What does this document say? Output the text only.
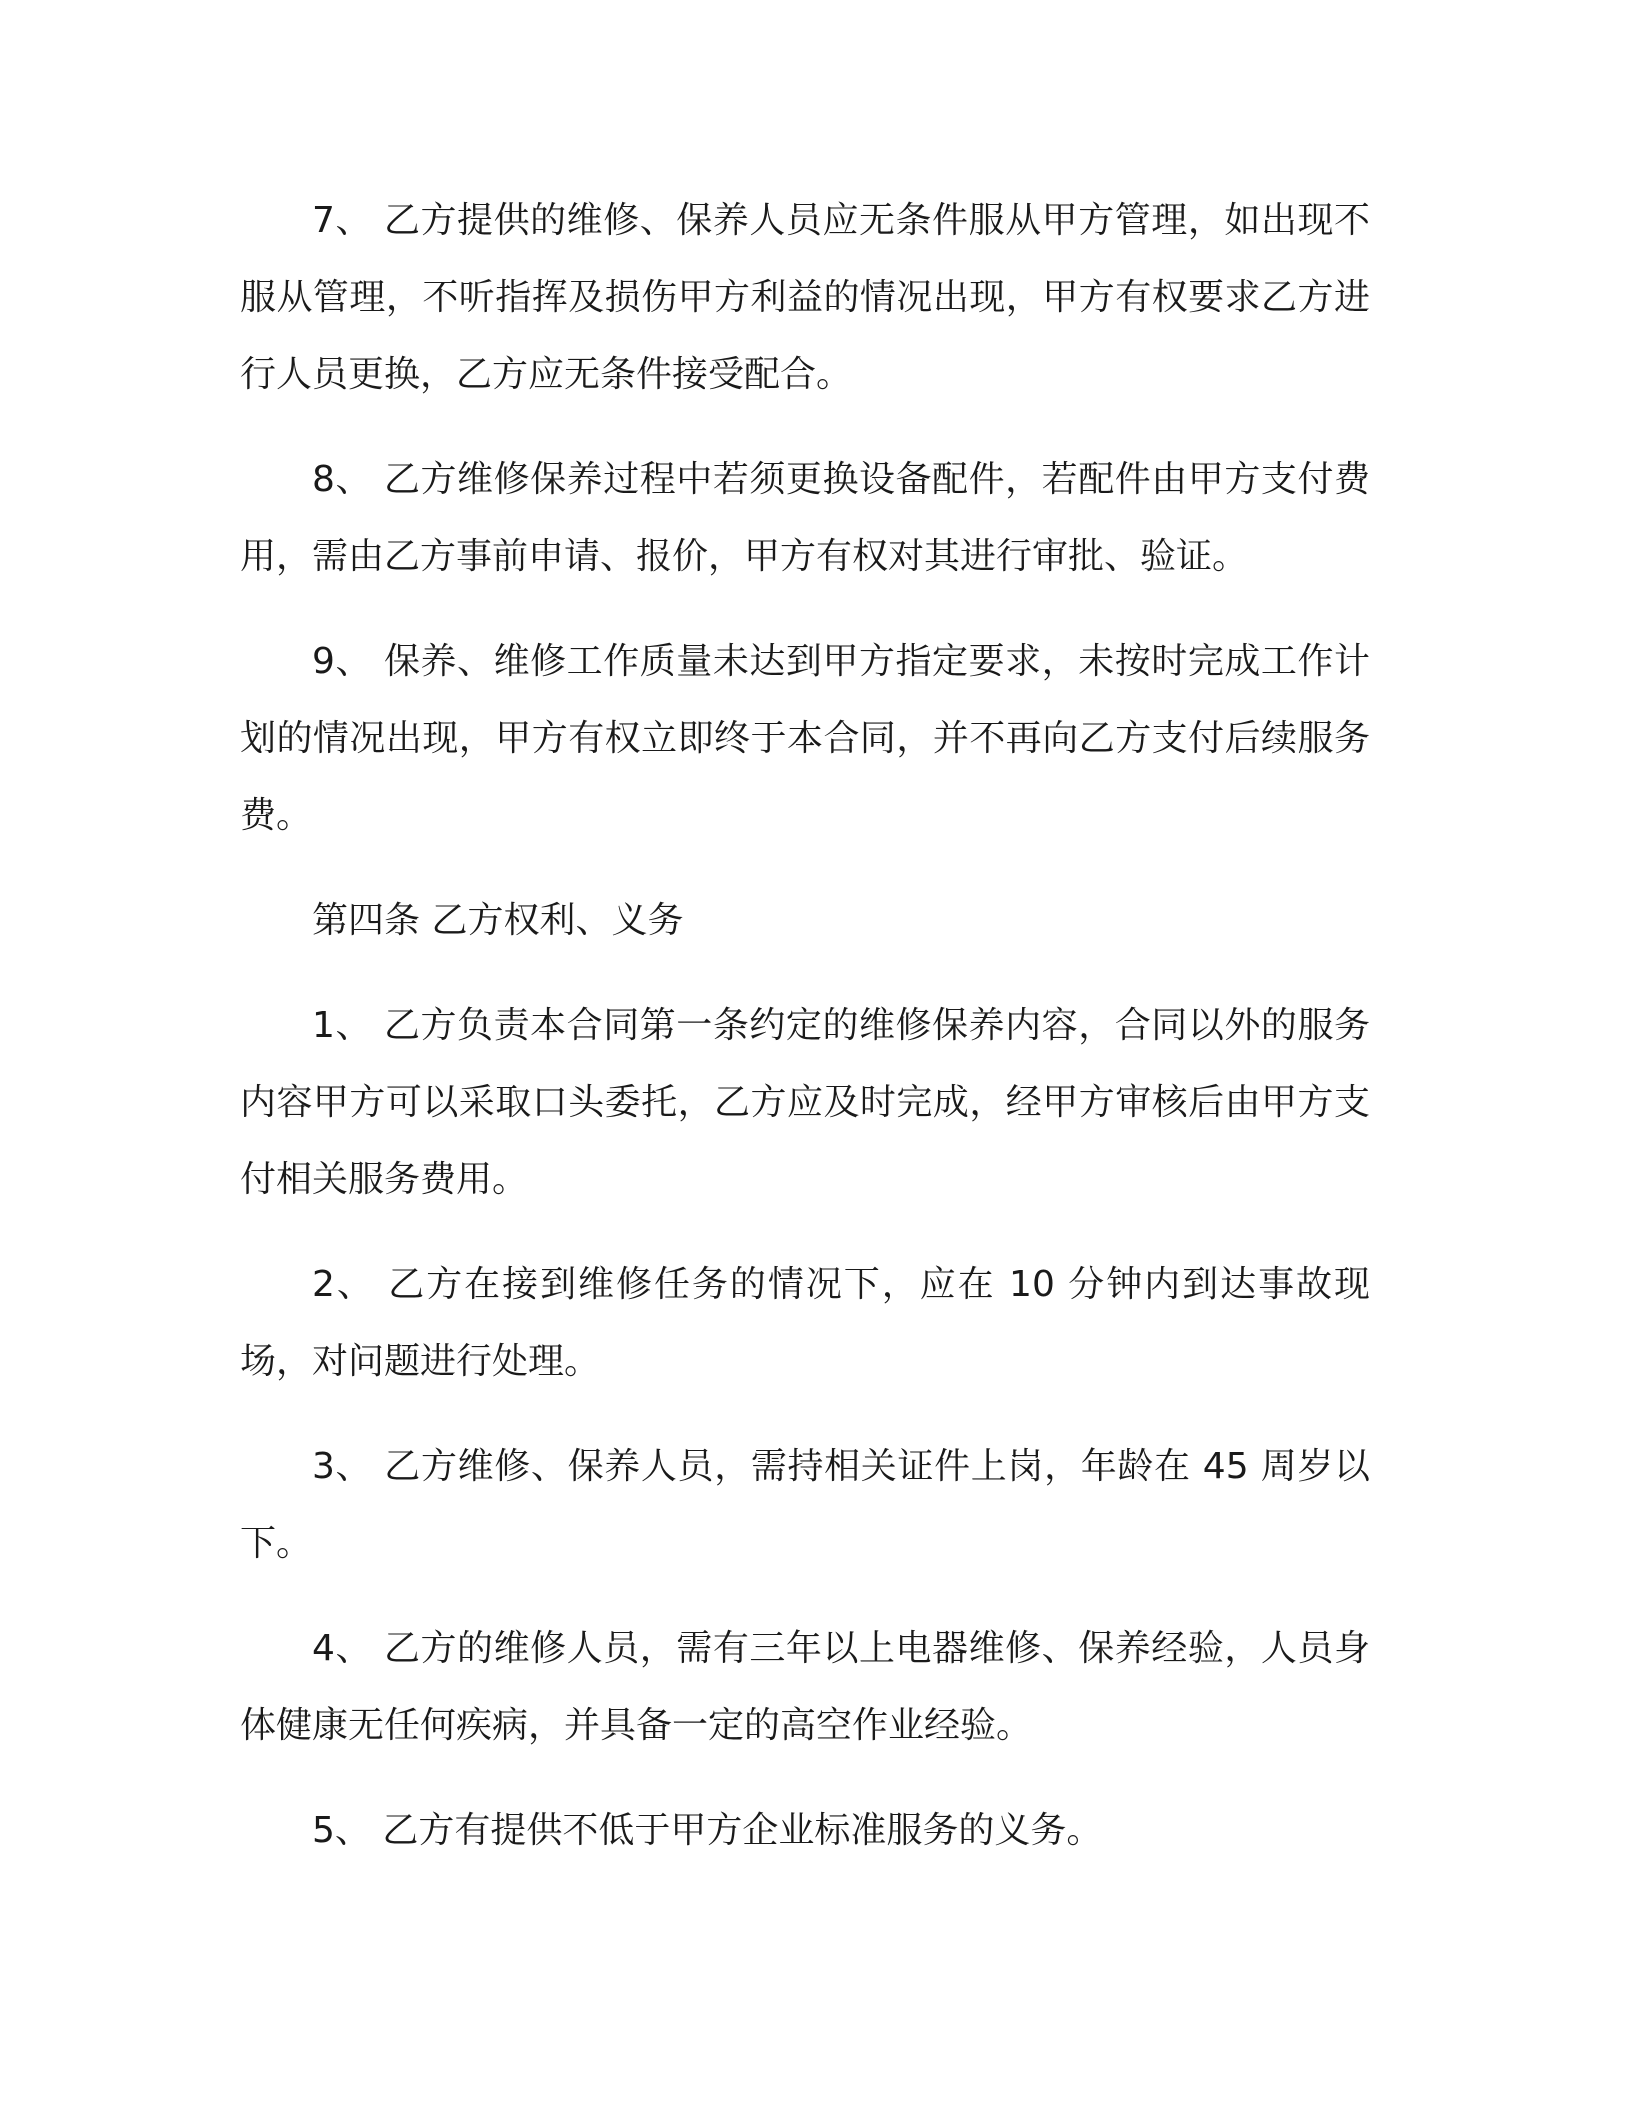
7、 乙方提供的维修、保养人员应无条件服从甲方管理，如出现不服从管理，不听指挥及损伤甲方利益的情况出现，甲方有权要求乙方进行人员更换，乙方应无条件接受配合。

8、 乙方维修保养过程中若须更换设备配件，若配件由甲方支付费用，需由乙方事前申请、报价，甲方有权对其进行审批、验证。

9、 保养、维修工作质量未达到甲方指定要求，未按时完成工作计划的情况出现，甲方有权立即终于本合同，并不再向乙方支付后续服务费。

第四条 乙方权利、义务

1、 乙方负责本合同第一条约定的维修保养内容，合同以外的服务内容甲方可以采取口头委托，乙方应及时完成，经甲方审核后由甲方支付相关服务费用。

2、 乙方在接到维修任务的情况下，应在 10 分钟内到达事故现场，对问题进行处理。

3、 乙方维修、保养人员，需持相关证件上岗，年龄在 45 周岁以下。

4、 乙方的维修人员，需有三年以上电器维修、保养经验，人员身体健康无任何疾病，并具备一定的高空作业经验。

5、 乙方有提供不低于甲方企业标准服务的义务。
